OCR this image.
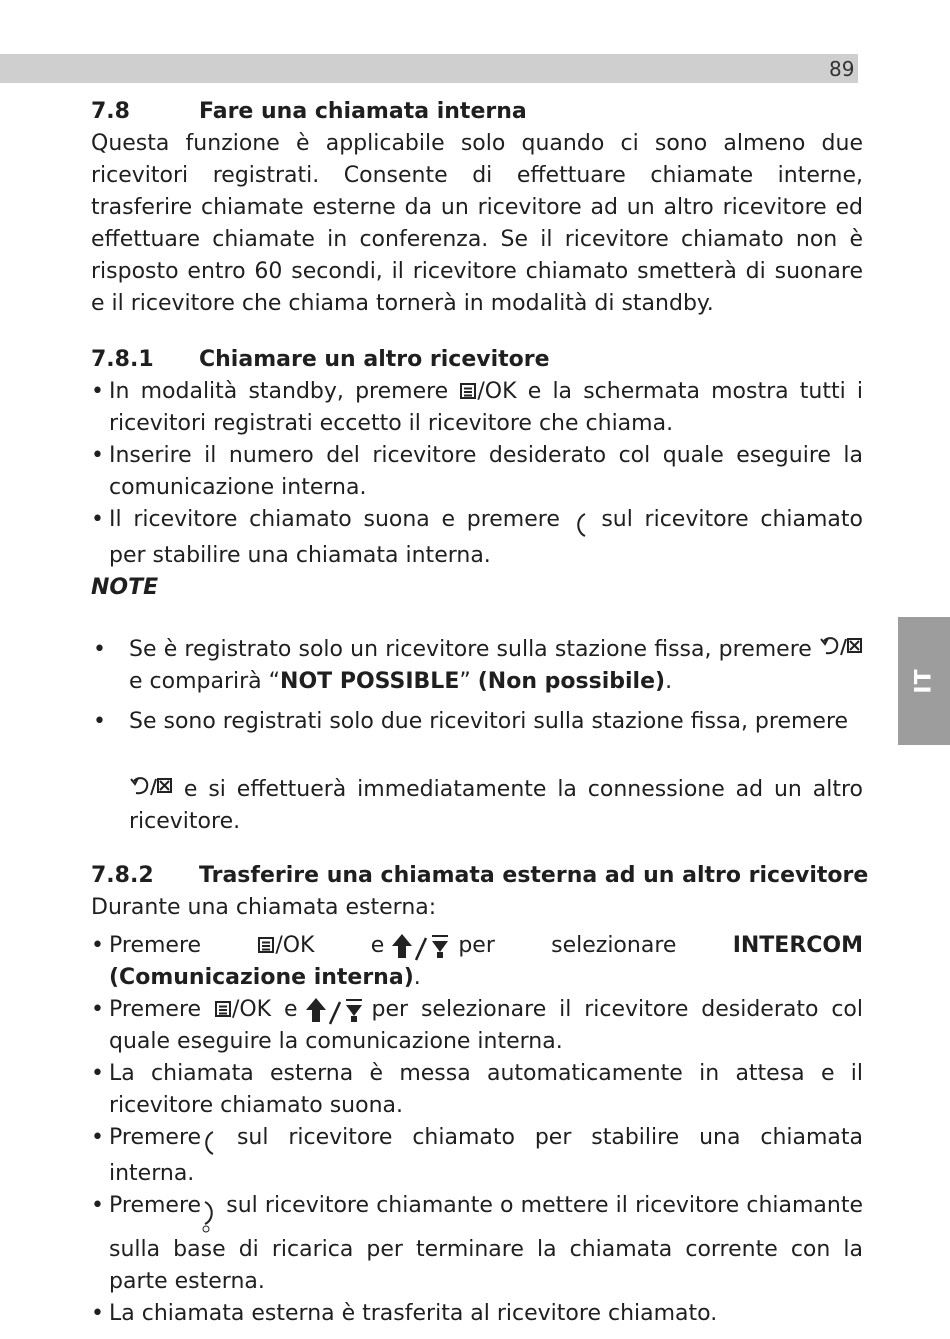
89
IT
7.8	Fare una chiamata interna

Questa funzione è applicabile solo quando ci sono almeno due ricevitori registrati. Consente di effettuare chiamate interne, trasferire chiamate esterne da un ricevitore ad un altro ricevitore ed effettuare chiamate in conferenza. Se il ricevitore chiamato non è risposto entro 60 secondi, il ricevitore chiamato smetterà di suonare e il ricevitore che chiama tornerà in modalità di standby.

7.8.1 Chiamare un altro ricevitore
• In modalità standby, premere /OK e la schermata mostra tutti i ricevitori registrati eccetto il ricevitore che chiama.
• Inserire il numero del ricevitore desiderato col quale eseguire la comunicazione interna.
• Il ricevitore chiamato suona e premere sul ricevitore chiamato per stabilire una chiamata interna.

NOTE

• Se è registrato solo un ricevitore sulla stazione fissa, premere e comparirà “NOT POSSIBLE” (Non possibile).
• Se sono registrati solo due ricevitori sulla stazione fissa, premere

e si effettuerà immediatamente la connessione ad un altro ricevitore.
7.8.2 Trasferire una chiamata esterna ad un altro ricevitore

Durante una chiamata esterna:

• Premere	/OK	e	per selezionare	INTERCOM (Comunicazione interna).
• Premere /OK e	per selezionare il ricevitore desiderato col quale eseguire la comunicazione interna.
• La chiamata esterna è messa automaticamente in attesa e il ricevitore chiamato suona.
• Premere sul ricevitore chiamato per stabilire una chiamata interna.
• Premere sul ricevitore chiamante o mettere il ricevitore chiamante sulla base di ricarica per terminare la chiamata corrente con la parte esterna.
• La chiamata esterna è trasferita al ricevitore chiamato.
